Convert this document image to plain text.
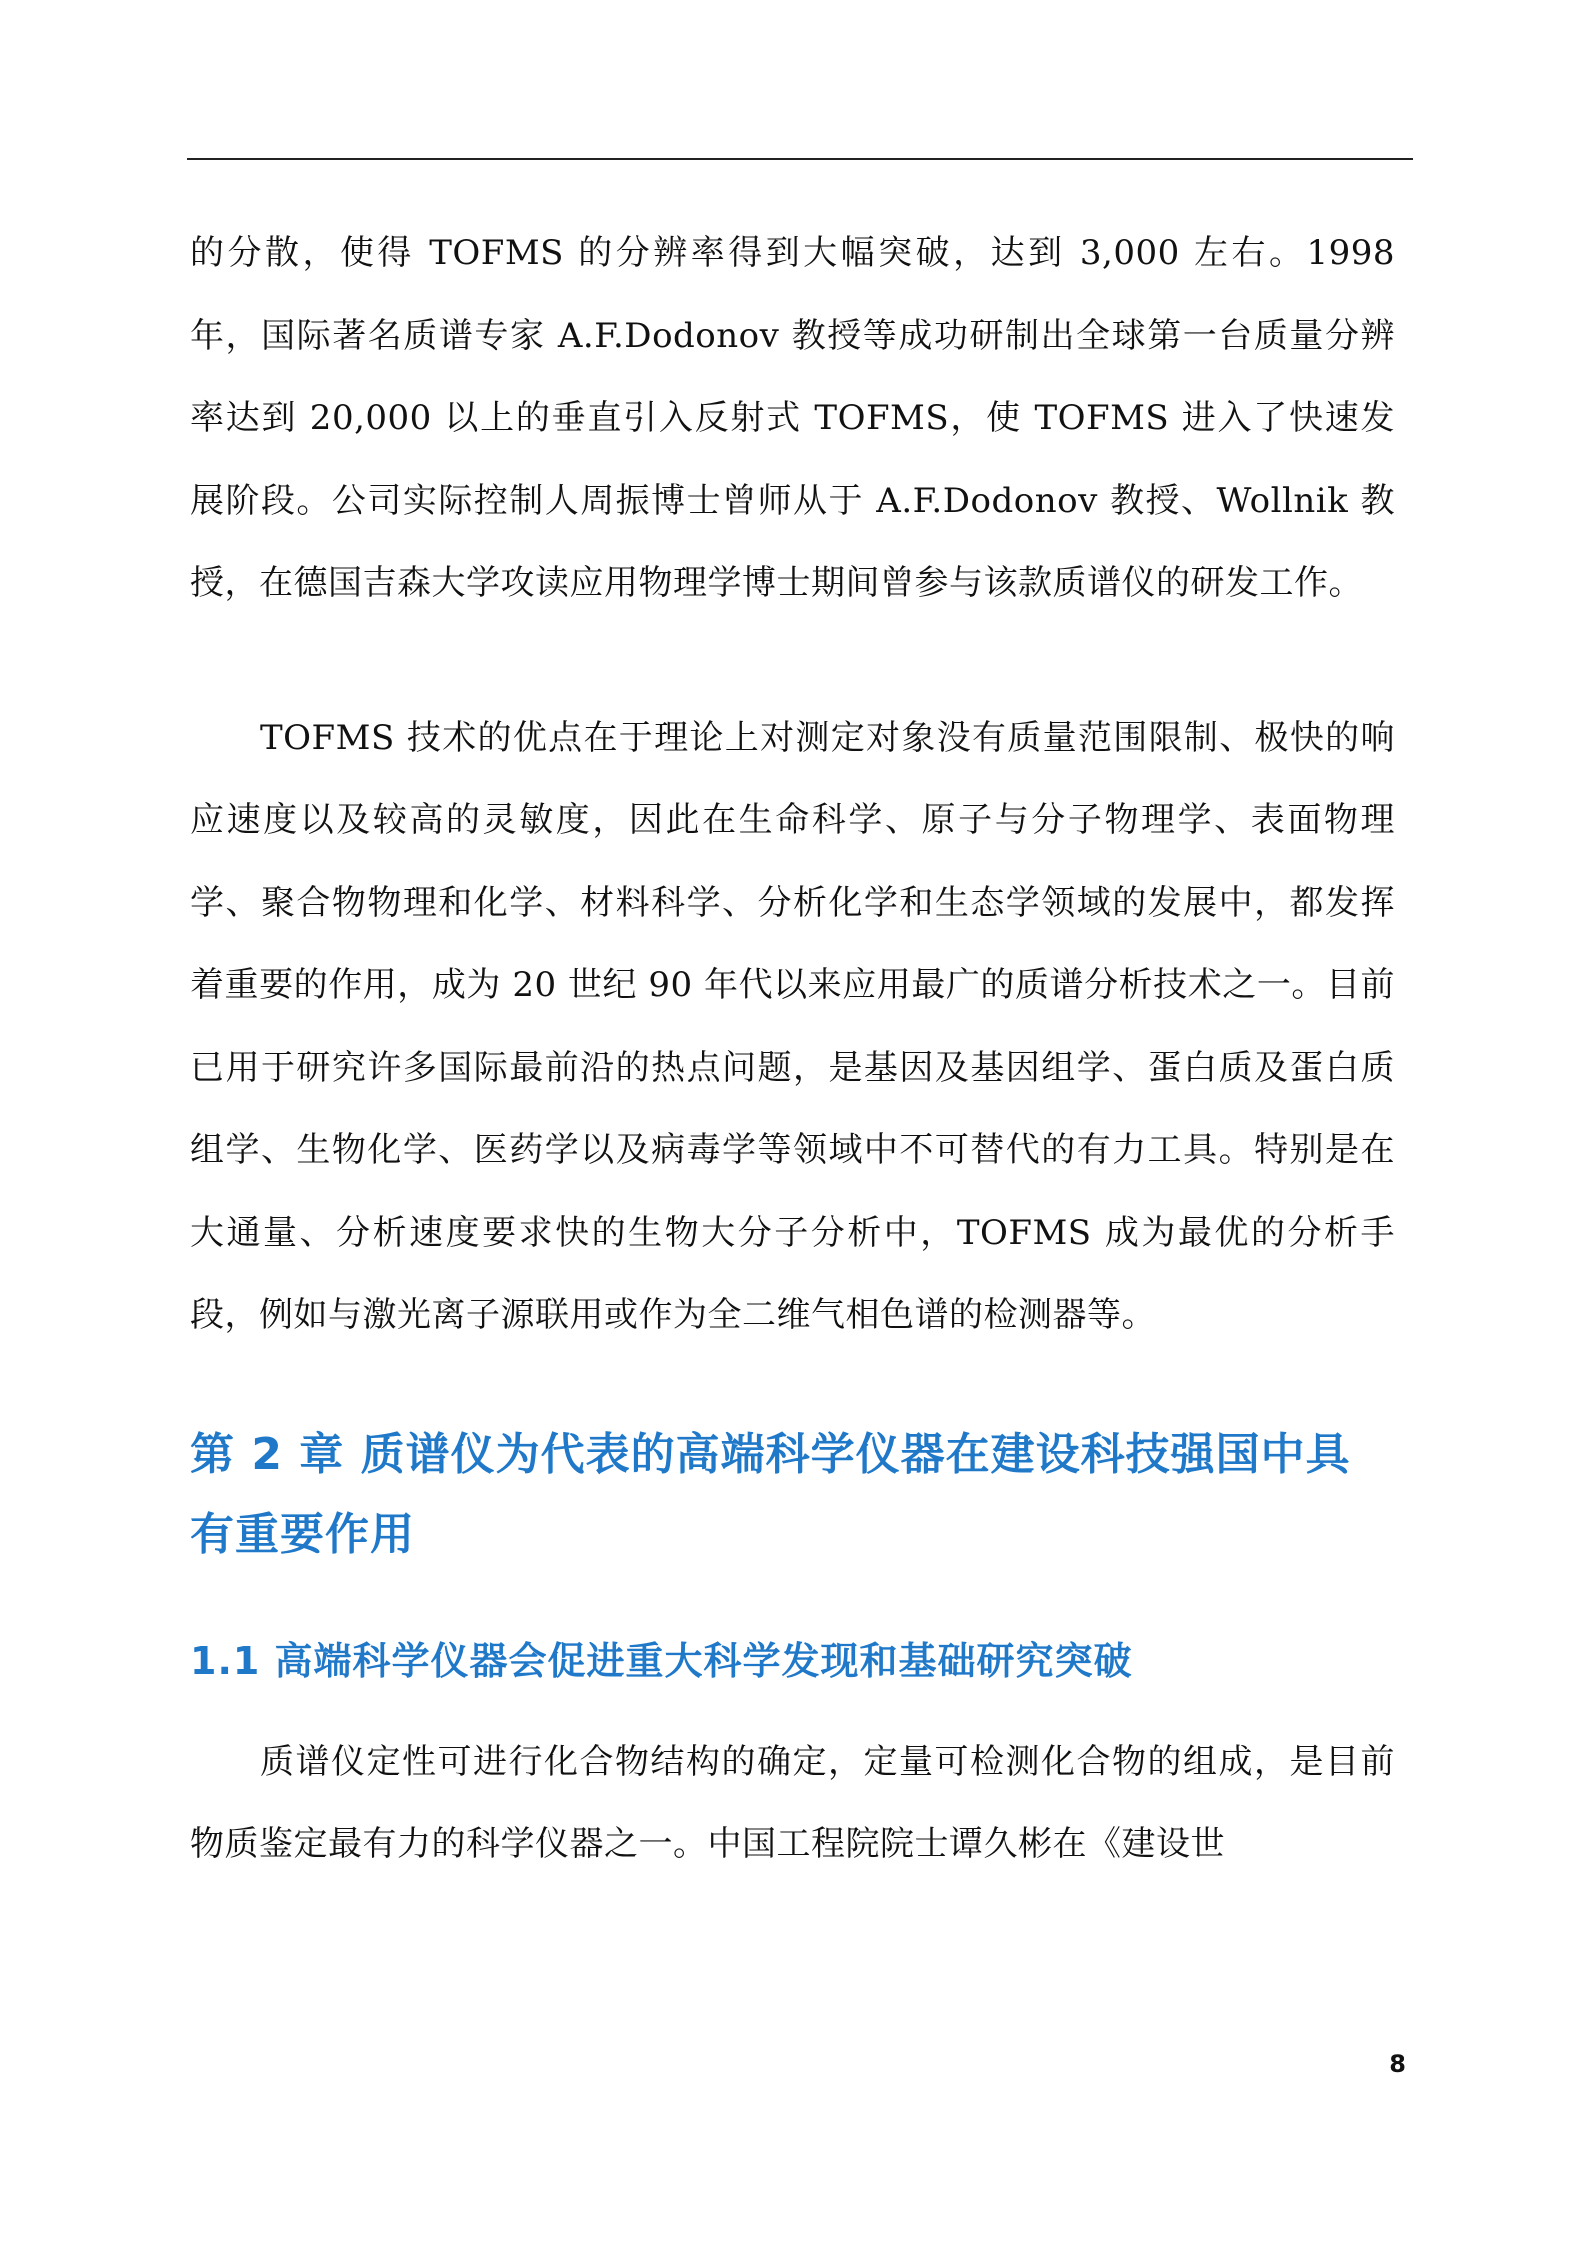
的分散，使得 TOFMS 的分辨率得到大幅突破，达到 3,000 左右。1998 年，国际著名质谱专家 A.F.Dodonov 教授等成功研制出全球第一台质量分辨率达到 20,000 以上的垂直引入反射式 TOFMS，使 TOFMS 进入了快速发展阶段。公司实际控制人周振博士曾师从于 A.F.Dodonov 教授、Wollnik 教授，在德国吉森大学攻读应用物理学博士期间曾参与该款质谱仪的研发工作。

TOFMS 技术的优点在于理论上对测定对象没有质量范围限制、极快的响应速度以及较高的灵敏度，因此在生命科学、原子与分子物理学、表面物理学、聚合物物理和化学、材料科学、分析化学和生态学领域的发展中，都发挥着重要的作用，成为 20 世纪 90 年代以来应用最广的质谱分析技术之一。目前已用于研究许多国际最前沿的热点问题，是基因及基因组学、蛋白质及蛋白质组学、生物化学、医药学以及病毒学等领域中不可替代的有力工具。特别是在大通量、分析速度要求快的生物大分子分析中，TOFMS 成为最优的分析手段，例如与激光离子源联用或作为全二维气相色谱的检测器等。

第 2 章 质谱仪为代表的高端科学仪器在建设科技强国中具有重要作用
1.1 高端科学仪器会促进重大科学发现和基础研究突破

质谱仪定性可进行化合物结构的确定，定量可检测化合物的组成，是目前物质鉴定最有力的科学仪器之一。中国工程院院士谭久彬在《建设世

8
